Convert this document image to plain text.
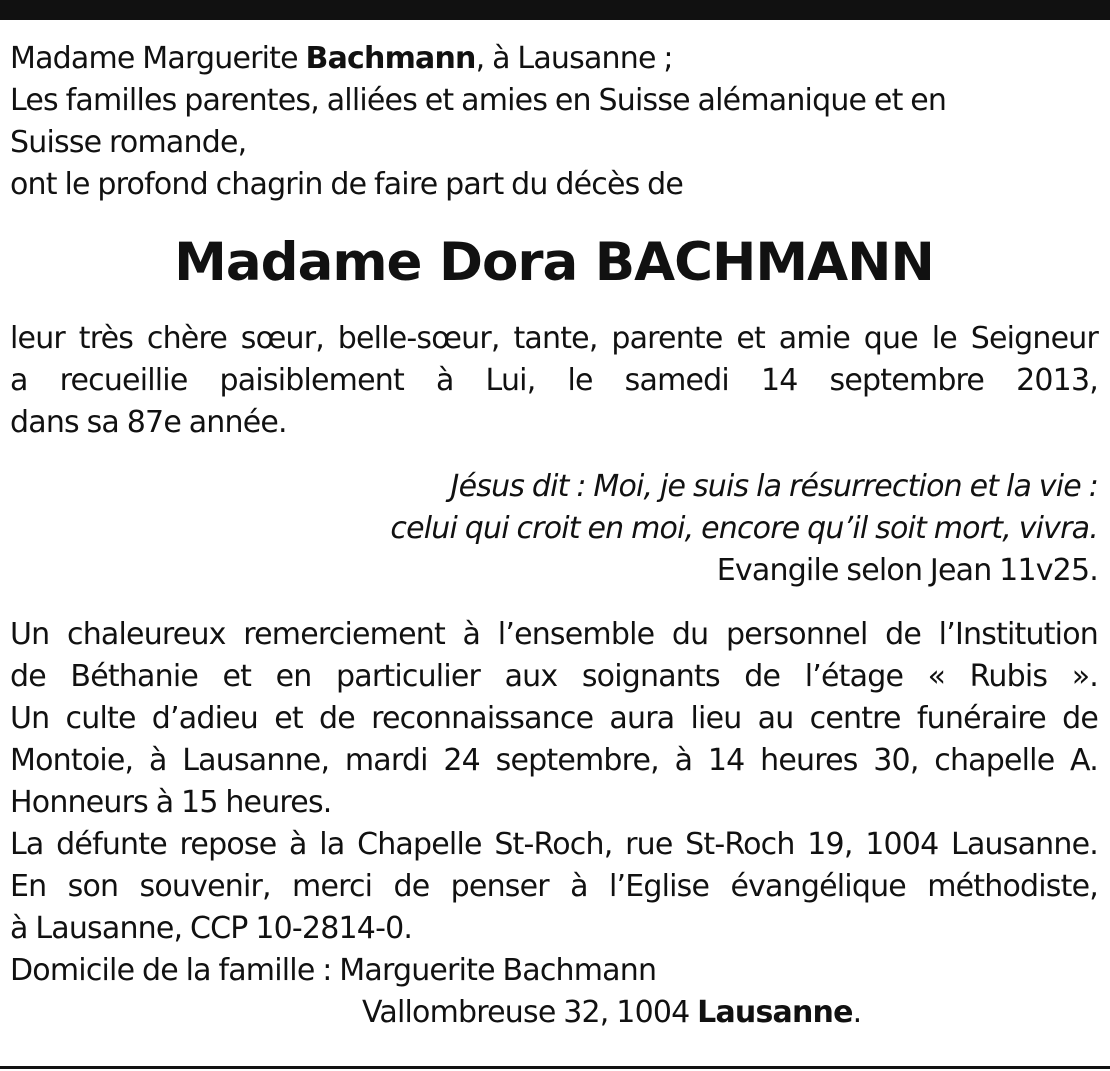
Madame Marguerite Bachmann, à Lausanne ;
Les familles parentes, alliées et amies en Suisse alémanique et en
Suisse romande,
ont le profond chagrin de faire part du décès de

Madame Dora BACHMANN

leur très chère sœur, belle-sœur, tante, parente et amie que le Seigneur
a recueillie paisiblement à Lui, le samedi 14 septembre 2013,
dans sa 87e année.

Jésus dit : Moi, je suis la résurrection et la vie :
celui qui croit en moi, encore qu’il soit mort, vivra.
Evangile selon Jean 11v25.

Un chaleureux remerciement à l’ensemble du personnel de l’Institution
de Béthanie et en particulier aux soignants de l’étage « Rubis ».
Un culte d’adieu et de reconnaissance aura lieu au centre funéraire de
Montoie, à Lausanne, mardi 24 septembre, à 14 heures 30, chapelle A.
Honneurs à 15 heures.
La défunte repose à la Chapelle St-Roch, rue St-Roch 19, 1004 Lausanne.
En son souvenir, merci de penser à l’Eglise évangélique méthodiste,
à Lausanne, CCP 10-2814-0.
Domicile de la famille : Marguerite Bachmann
Vallombreuse 32, 1004 Lausanne.
